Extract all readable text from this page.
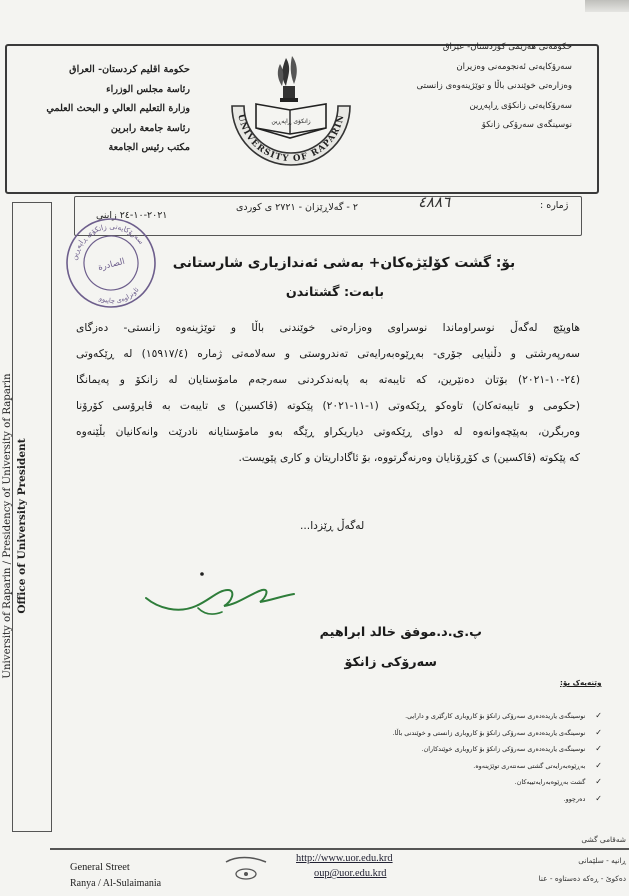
حكومة اقليم كردستان- العراق
رئاسة مجلس الوزراء
وزارة التعليم العالي و البحث العلمي
رئاسة جامعة رابرين
مكتب رئيس الجامعة
حکومەتی هەرێمی کوردستان- عێراق
سەرۆکایەتی ئەنجومەنی وەزیران
وەزارەتی خوێندنی باڵا و توێژینەوەی زانستی
سەرۆکایەتی زانکۆی ڕاپەڕین
نوسینگەی سەرۆکی زانکۆ
UNIVERSITY OF RAPARIN
زانكۆى ڕاپەڕين
ژمارە :
٤٨٨٦
٢ - گەلاڕێزان - ٢٧٢١ ی کوردی
٢٠٢١-١٠-٢٤ زاینی
University of Raparin / Presidency of University of Raparin Office of University President
سەرۆکایەتی زانکۆی ڕاپەڕین
الصادرة
ئاونراوەی چاپیوو
بۆ: گشت کۆلێژەکان+ بەشی ئەندازیاری شارستانی
بابەت: گشتاندن
هاوپێچ لەگەڵ نوسراوماندا نوسراوی وەزارەتی خوێندنی باڵا و توێژینەوە زانستی- دەزگای
سەرپەرشتی و دڵنیایی جۆری- بەڕێوەبەرایەتی تەندروستی و سەلامەتی ژمارە (١٥٩١٧/٤) لە ڕێکەوتی
(٢٤-١٠-٢٠٢١) بۆتان دەنێرین، کە تایبەتە بە پابەندکردنی سەرجەم مامۆستایان لە زانکۆ و پەیمانگا
(حکومی و تایبەتەکان) تاوەکو ڕێکەوتی (١-١١-٢٠٢١) پێکوتە (ڤاکسین) ی تایبەت بە ڤایرۆسی کۆرۆنا
وەربگرن، بەپێچەوانەوە لە دوای ڕێکەوتی دیاریکراو ڕێگە بەو مامۆستایانە نادرێت وانەکانیان بڵێنەوە
کە پێکوتە (ڤاکسین) ی کۆڕۆنایان وەرنەگرتووە، بۆ ئاگاداریتان و کاری پێویست.
لەگەڵ ڕێزدا...
پ.ی.د.موفق خالد ابراهيم
سەرۆکی زانکۆ
وێنەیەک بۆ:
✓نوسینگەی یاریدەدەری سەرۆکی زانکۆ بۆ کاروباری کارگێری و دارایی.
✓نوسینگەی یاریدەدەری سەرۆکی زانکۆ بۆ کاروباری زانستی و خوێندنی باڵا.
✓نوسینگەی یاریدەدەری سەرۆکی زانکۆ بۆ کاروباری خوێندکاران.
✓بەڕێوەبەرایەتی گشتی سەنتەری توێژینەوە.
✓گشت بەڕێوەبەرایەتییەکان.
✓دەرچوو.
General Street
Ranya / Al-Sulaimania
http://www.uor.edu.krd
oup@uor.edu.krd
شەقامی گشی
ڕانیە - سلێمانی
دەکوێ - ڕەکە دەستاوە - عنا
